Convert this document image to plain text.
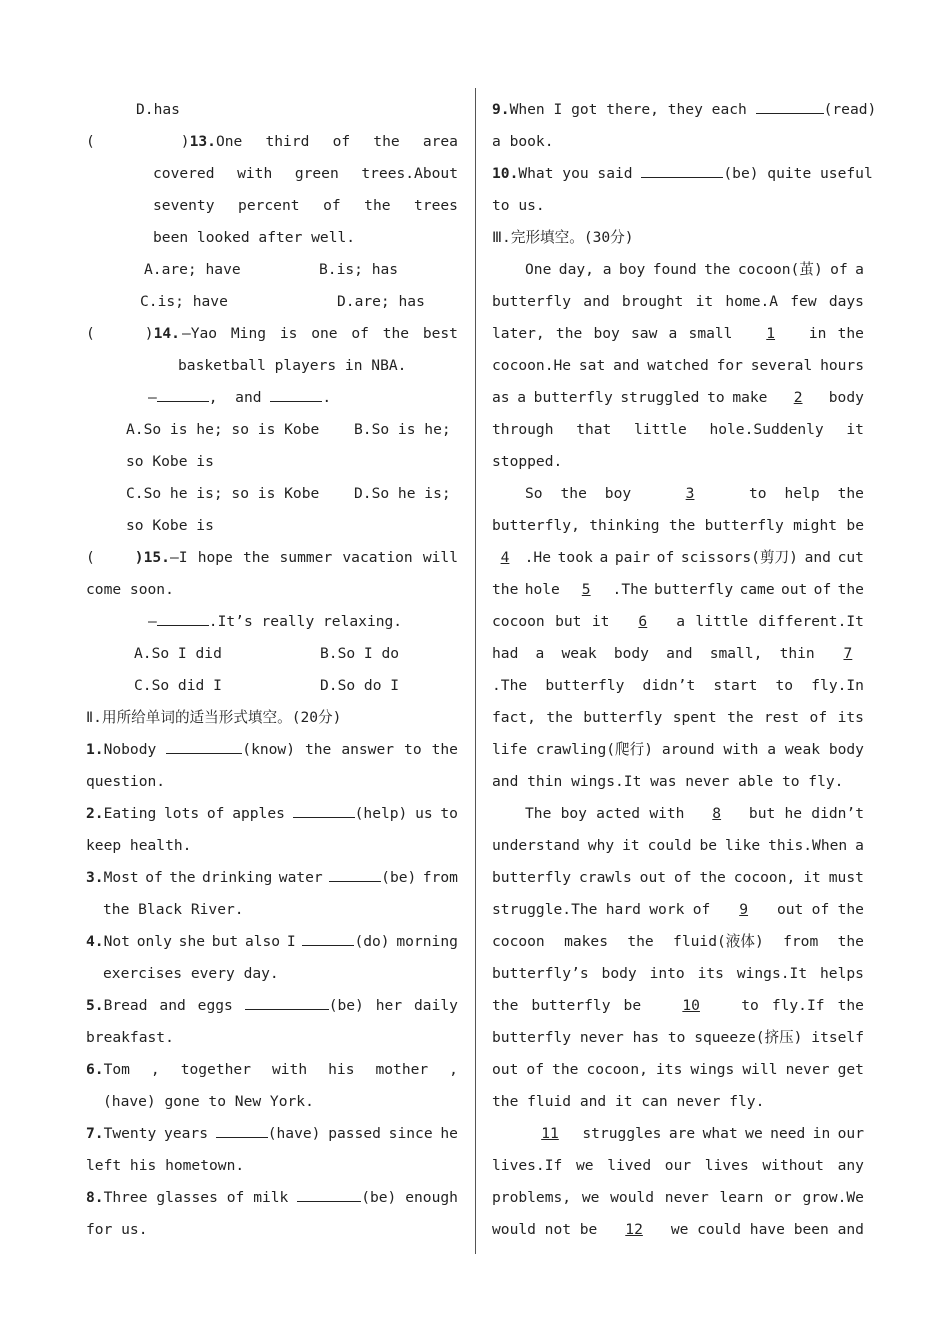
D.has
(	) 13. One third of the area
covered with green trees.About
seventy percent of the trees
been looked after well.
A.are; have	B.is; has
C.is; have	D.are; has
(	) 14. —Yao Ming is one of the best
basketball players in NBA.
—	,  and	.
A.So is he; so is Kobe	B.So is he;
so Kobe is
C.So he is; so is Kobe	D.So he is;
so Kobe is
(	)15. —I hope the summer vacation will
come soon.
—	.It’s really relaxing.
A.So I did	B.So I do
C.So did I	D.So do I
Ⅱ.用所给单词的适当形式填空。(20分)
1. Nobody	(know) the answer to the
question.
2. Eating lots of apples	(help) us to
keep health.
3. Most of the drinking water	(be) from
the Black River.
4. Not only she but also I	(do) morning
exercises every day.
5. Bread and eggs	(be) her daily
breakfast.
6. Tom , together with his mother ,
(have) gone to New York.
7. Twenty years	(have) passed since he
left his hometown.
8. Three glasses of milk	(be) enough
for us.
9.When I got there, they each	(read)
a book.
10.What you said	(be) quite useful
to us.
Ⅲ.完形填空。(30分)
One day, a boy found the cocoon(茧) of a
butterfly and brought it home.A few days
later, the boy saw a small	1	in the
cocoon.He sat and watched for several hours
as a butterfly struggled to make	2	body
through that little hole.Suddenly it
stopped.
So the boy	3	to help the
butterfly, thinking the butterfly might be
4	.He took a pair of scissors(剪刀) and cut
the hole	5	.The butterfly came out of the
cocoon but it	6	a little different.It
had a weak body and small, thin	7
.The butterfly didn’t start to fly.In
fact, the butterfly spent the rest of its
life crawling(爬行) around with a weak body
and thin wings.It was never able to fly.
The boy acted with	8	but he didn’t
understand why it could be like this.When a
butterfly crawls out of the cocoon, it must
struggle.The hard work of	9	out of the
cocoon makes the fluid(液体) from the
butterfly’s body into its wings.It helps
the butterfly be	10	to fly.If the
butterfly never has to squeeze(挤压) itself
out of the cocoon, its wings will never get
the fluid and it can never fly.
11	struggles are what we need in our
lives.If we lived our lives without any
problems, we would never learn or grow.We
would not be	12	we could have been and
